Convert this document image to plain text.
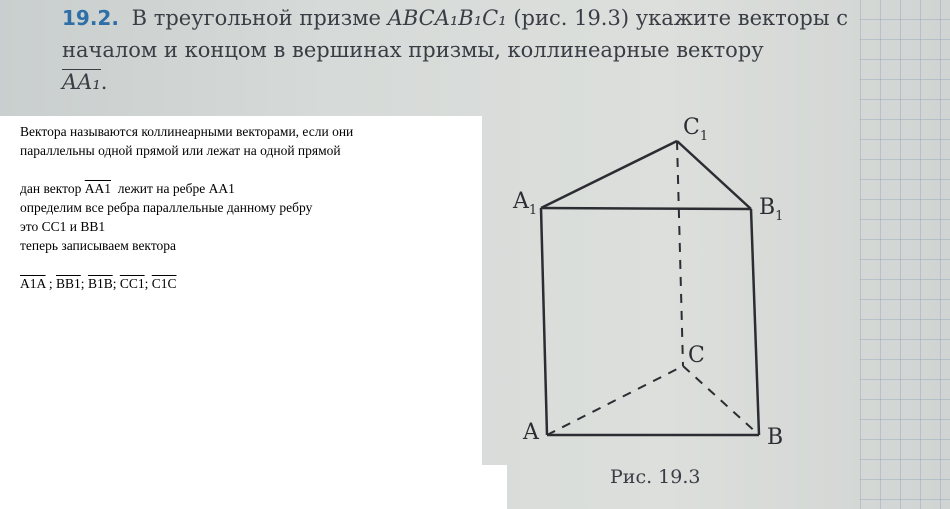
19.2. В треугольной призме ABCA₁B₁C₁ (рис. 19.3) укажите векторы с
началом и концом в вершинах призмы, коллинеарные вектору
AA₁.
$C_1$
$A_1$	$B_1$
C
A	B
Рис. 19.3
Вектора называются коллинеарными векторами, если они
параллельны одной прямой или лежат на одной прямой
дан вектор AA1 лежит на ребре AA1
определим все ребра параллельные данному ребру
это CC1 и BB1
теперь записываем вектора
A1A ; BB1; B1B; CC1; C1C
